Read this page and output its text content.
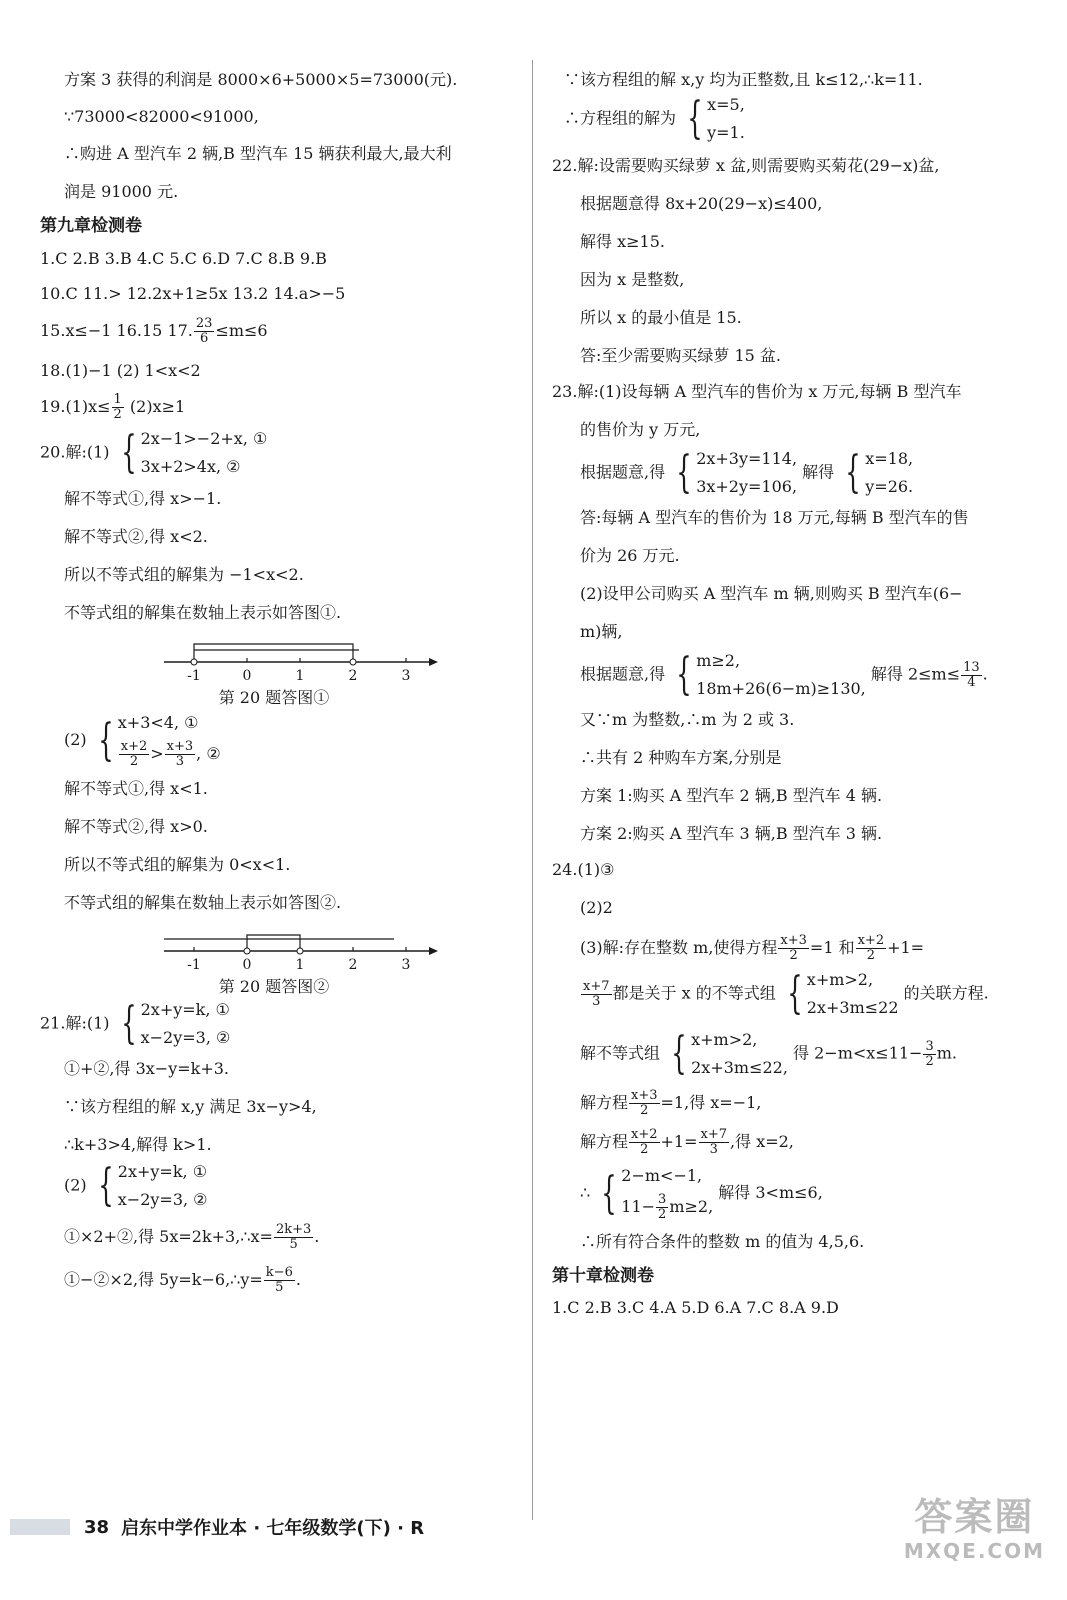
方案 3 获得的利润是 8000×6+5000×5=73000(元).
∵73000<82000<91000,
∴购进 A 型汽车 2 辆,B 型汽车 15 辆获利最大,最大利
润是 91000 元.
第九章检测卷
1.C 2.B 3.B 4.C 5.C 6.D 7.C 8.B 9.B
10.C 11.> 12.2x+1≥5x 13.2 14.a>−5
15.x≤−1 16.15 17. $\frac{23}{6} \le m\le 6$
18.(1)−1 (2) 1<x<2
$19.(1)x\le \frac{1}{2} (2)x\ge 1$
20.解:(1) { 2x−1>−2+x, ①
3x+2>4x, ②
解不等式①,得 x>−1.
解不等式②,得 x<2.
所以不等式组的解集为 −1<x<2.
不等式组的解集在数轴上表示如答图①.
-1	0	1	2	3
第 20 题答图①
(2) { x+3<4, ①
$\frac{x+2}{2} > \frac{x+3}{3}$ , ②
解不等式①,得 x<1.
解不等式②,得 x>0.
所以不等式组的解集为 0<x<1.
不等式组的解集在数轴上表示如答图②.
-1	0	1	2	3
第 20 题答图②
21.解:(1) { 2x+y=k, ①
x−2y=3, ②
①+②,得 3x−y=k+3.
∵该方程组的解 x,y 满足 3x−y>4,
∴k+3>4,解得 k>1.
(2) { 2x+y=k, ①
x−2y=3, ②
①×2+②,得 5x=2k+3,∴x= $\frac{2k+3}{5}$ .
①−②×2,得 5y=k−6,∴y= $\frac{k-6}{5}$ .
∵该方程组的解 x,y 均为正整数,且 k≤12,∴k=11.
∴方程组的解为 { x=5,
y=1.
22.解:设需要购买绿萝 x 盆,则需要购买菊花(29−x)盆,
根据题意得 8x+20(29−x)≤400,
解得 x≥15.
因为 x 是整数,
所以 x 的最小值是 15.
答:至少需要购买绿萝 15 盆.
23.解:(1)设每辆 A 型汽车的售价为 x 万元,每辆 B 型汽车
的售价为 y 万元,
根据题意,得 { 2x+3y=114,
3x+2y=106,
解得 { x=18,
y=26.
答:每辆 A 型汽车的售价为 18 万元,每辆 B 型汽车的售
价为 26 万元.
(2)设甲公司购买 A 型汽车 m 辆,则购买 B 型汽车(6−
m)辆,
根据题意,得 { m≥2,
18m+26(6−m)≥130,
解得 $2\le m\le \frac{13}{4}$ .
又∵m 为整数,∴m 为 2 或 3.
∴共有 2 种购车方案,分别是
方案 1:购买 A 型汽车 2 辆,B 型汽车 4 辆.
方案 2:购买 A 型汽车 3 辆,B 型汽车 3 辆.
24.(1)③
(2)2
(3)解:存在整数 m,使得方程 $\frac{x+3}{2} =1$ 和 $\frac{x+2}{2} +1=$
$\frac{x+7}{3}$ 都是关于 x 的不等式组 { x+m>2,
2x+3m≤22
的关联方程.
解不等式组 { x+m>2,
2x+3m≤22,
得 $2-m<x\le 11- \frac{3}{2} m$.
解方程 $\frac{x+3}{2} =1$,得 x=−1,
解方程 $\frac{x+2}{2} +1= \frac{x+7}{3}$ ,得 x=2,
∴ { 2−m<−1,
$11- \frac{3}{2} m\ge 2$,
解得 3<m≤6,
∴所有符合条件的整数 m 的值为 4,5,6.
第十章检测卷
1.C 2.B 3.C 4.A 5.D 6.A 7.C 8.A 9.D
38 启东中学作业本 · 七年级数学(下) · R	答案圈
MXQE.COM
